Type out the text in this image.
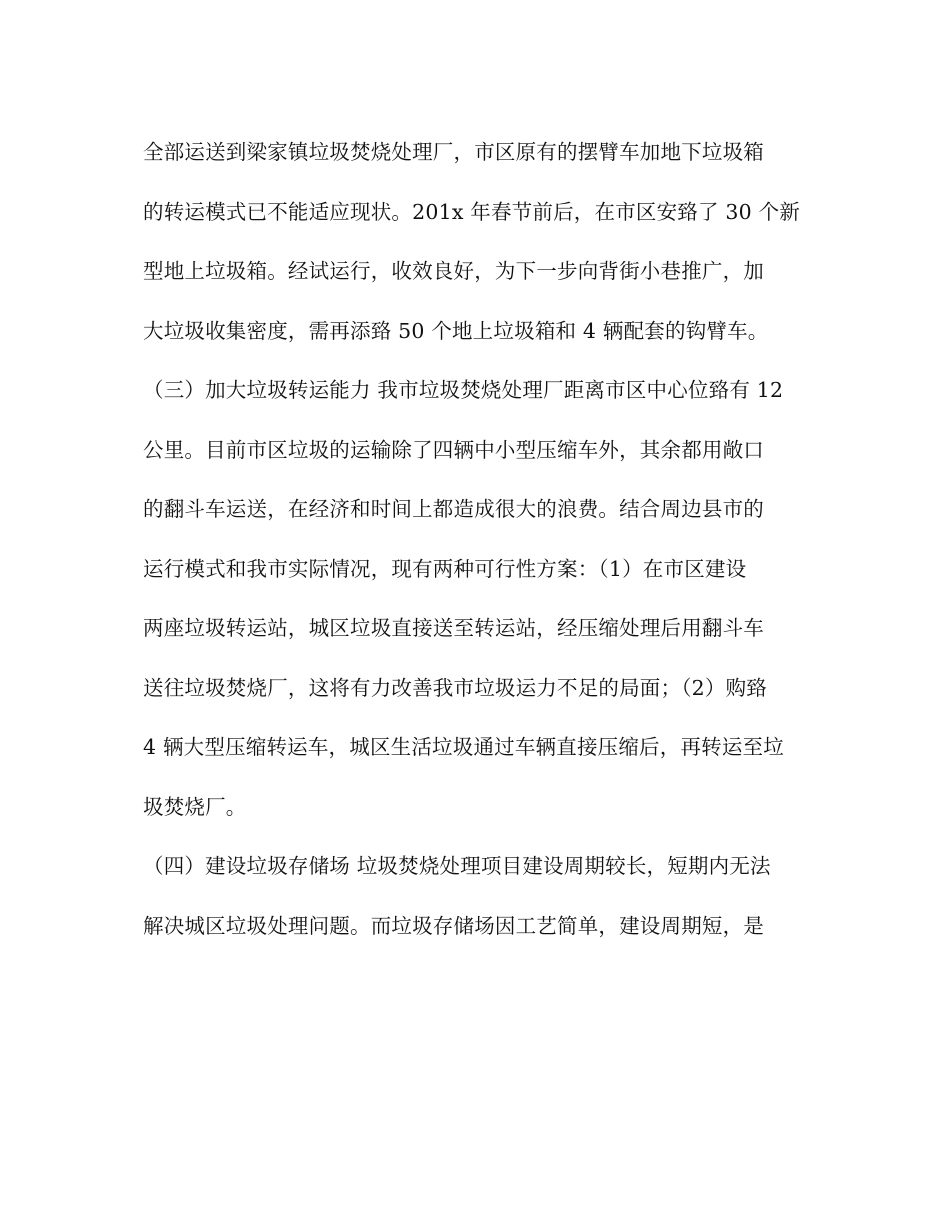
全部运送到梁家镇垃圾焚烧处理厂，市区原有的摆臂车加地下垃圾箱
的转运模式已不能适应现状。201x 年春节前后，在市区安臵了 30 个新
型地上垃圾箱。经试运行，收效良好，为下一步向背街小巷推广，加
大垃圾收集密度，需再添臵 50 个地上垃圾箱和 4 辆配套的钩臂车。
（三）加大垃圾转运能力 我市垃圾焚烧处理厂距离市区中心位臵有 12
公里。目前市区垃圾的运输除了四辆中小型压缩车外，其余都用敞口
的翻斗车运送，在经济和时间上都造成很大的浪费。结合周边县市的
运行模式和我市实际情况，现有两种可行性方案：（1）在市区建设
两座垃圾转运站，城区垃圾直接送至转运站，经压缩处理后用翻斗车
送往垃圾焚烧厂，这将有力改善我市垃圾运力不足的局面；（2）购臵
4 辆大型压缩转运车，城区生活垃圾通过车辆直接压缩后，再转运至垃
圾焚烧厂。
（四）建设垃圾存储场 垃圾焚烧处理项目建设周期较长，短期内无法
解决城区垃圾处理问题。而垃圾存储场因工艺简单，建设周期短，是
